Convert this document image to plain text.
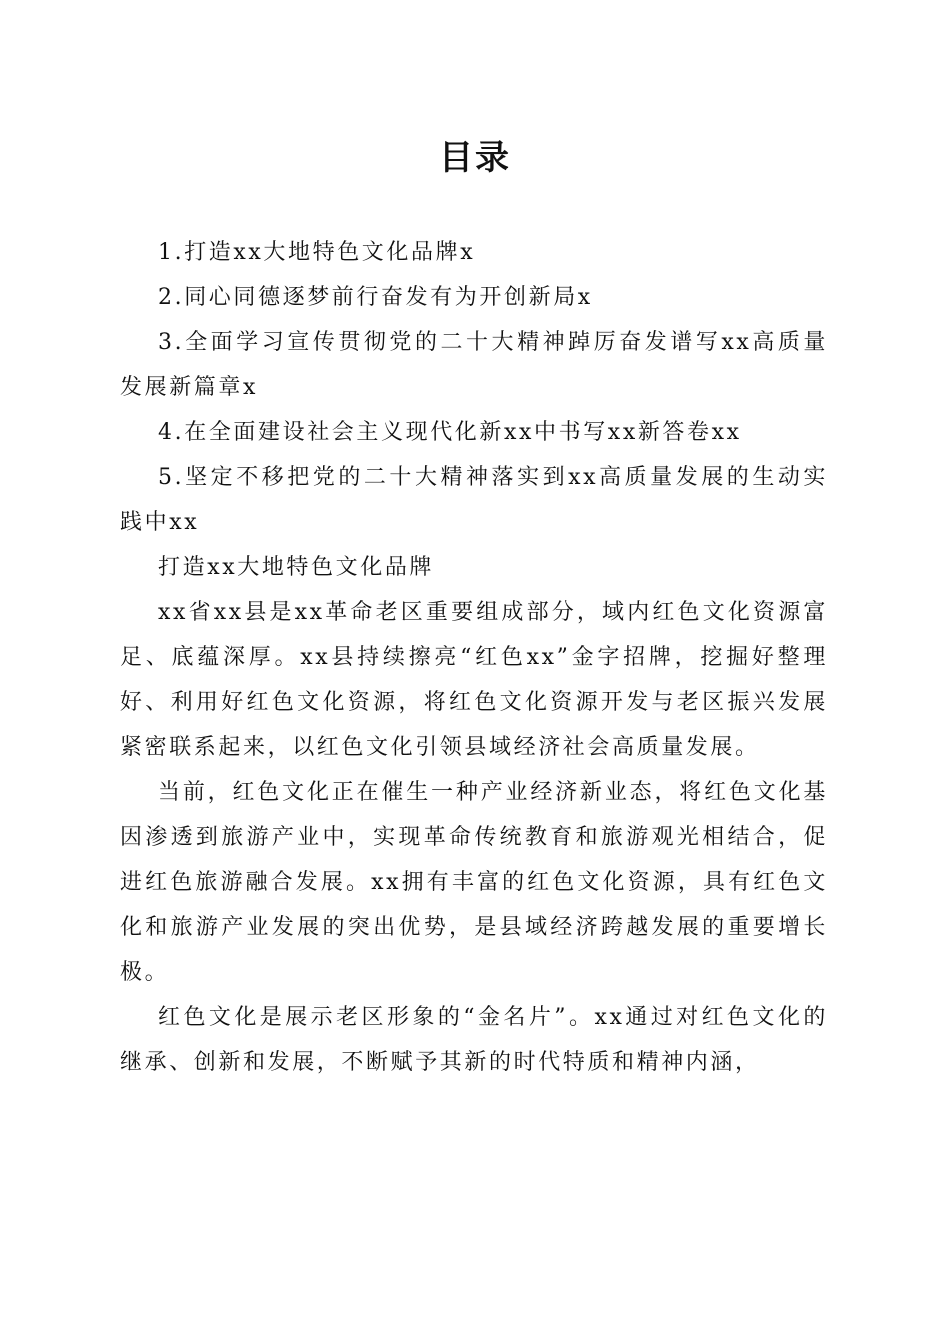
目录

1.打造xx大地特色文化品牌x

2.同心同德逐梦前行奋发有为开创新局x

3.全面学习宣传贯彻党的二十大精神踔厉奋发谱写xx高质量发展新篇章x

4.在全面建设社会主义现代化新xx中书写xx新答卷xx

5.坚定不移把党的二十大精神落实到xx高质量发展的生动实践中xx

打造xx大地特色文化品牌

xx省xx县是xx革命老区重要组成部分，域内红色文化资源富足、底蕴深厚。xx县持续擦亮“红色xx”金字招牌，挖掘好整理好、利用好红色文化资源，将红色文化资源开发与老区振兴发展紧密联系起来，以红色文化引领县域经济社会高质量发展。

当前，红色文化正在催生一种产业经济新业态，将红色文化基因渗透到旅游产业中，实现革命传统教育和旅游观光相结合，促进红色旅游融合发展。xx拥有丰富的红色文化资源，具有红色文化和旅游产业发展的突出优势，是县域经济跨越发展的重要增长极。

红色文化是展示老区形象的“金名片”。xx通过对红色文化的继承、创新和发展，不断赋予其新的时代特质和精神内涵，
